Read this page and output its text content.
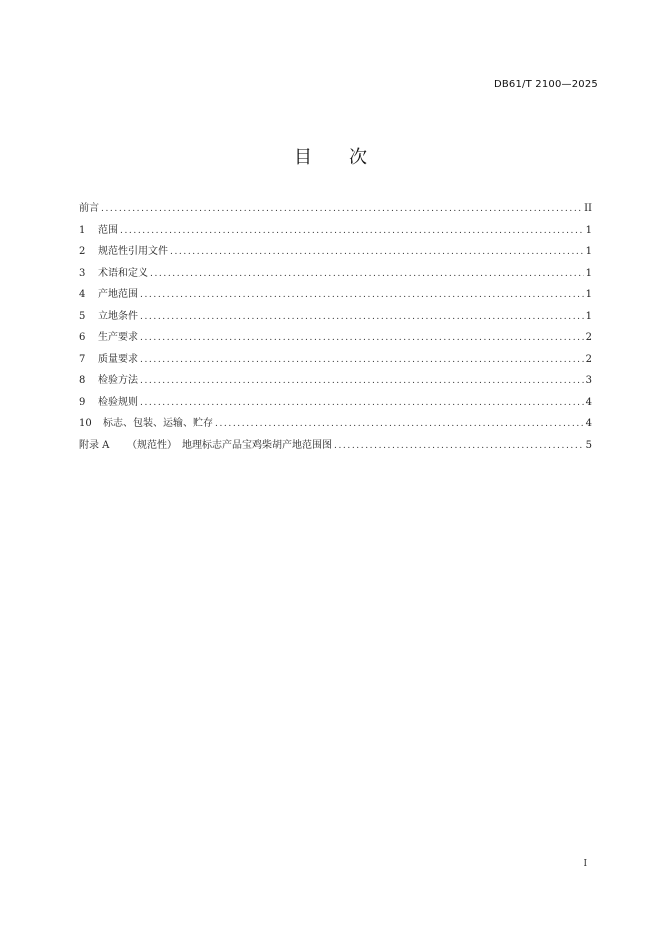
DB61/T 2100—2025
目 次
前言 .....	II
1	范围 .....	1
2	规范性引用文件 .....	1
3	术语和定义 .....	1
4	产地范围 .....	1
5	立地条件 .....	1
6	生产要求 .....	2
7	质量要求 .....	2
8	检验方法 .....	3
9	检验规则 .....	4
10	标志、包装、运输、贮存 .....	4
附录 A	（规范性）　地理标志产品宝鸡柴胡产地范围图 .....	5
I
